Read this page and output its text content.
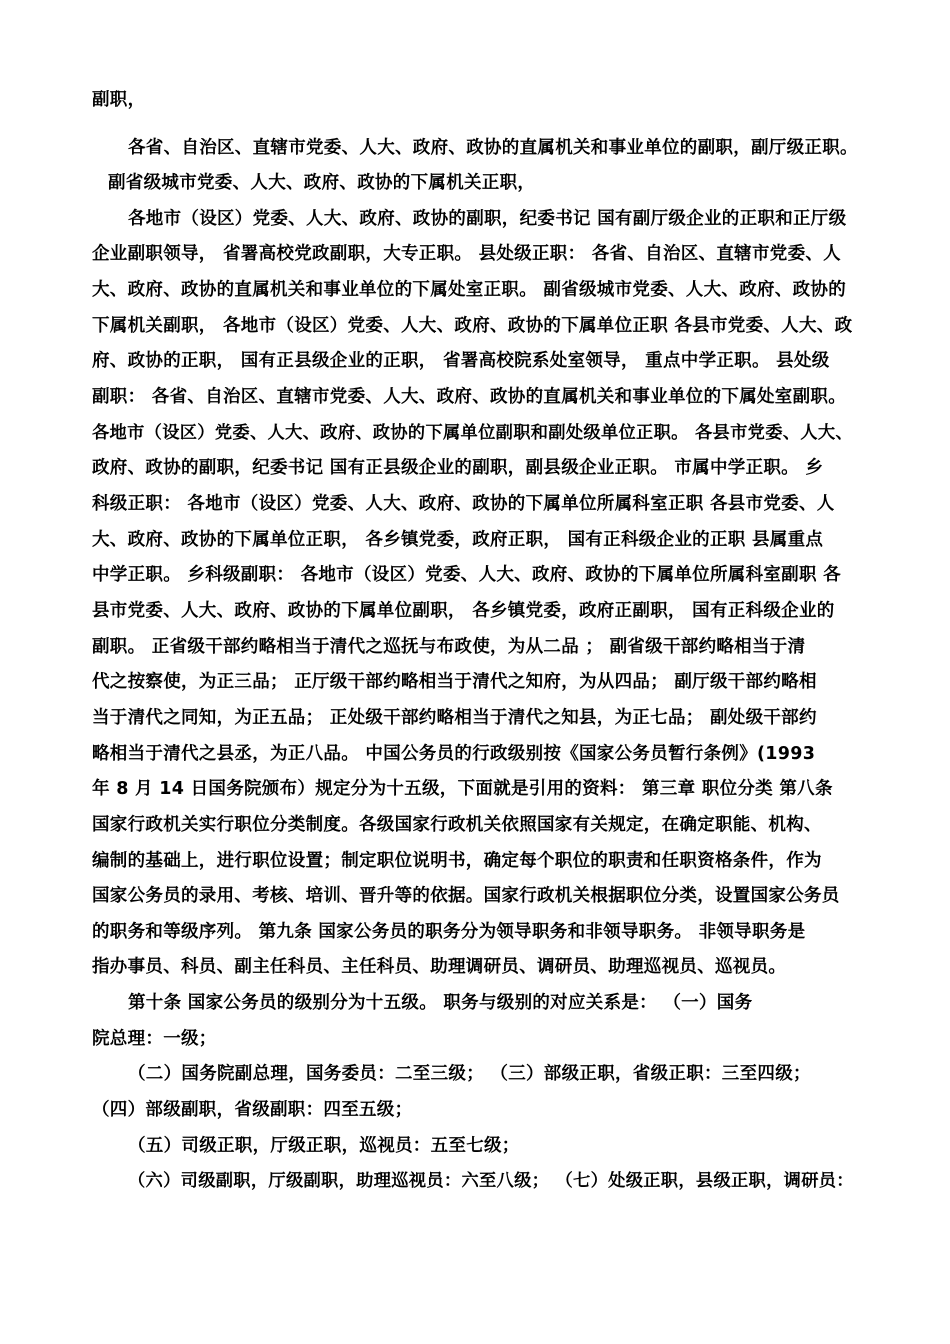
副职，
各省、自治区、直辖市党委、人大、政府、政协的直属机关和事业单位的副职，副厅级正职。
副省级城市党委、人大、政府、政协的下属机关正职，
各地市（设区）党委、人大、政府、政协的副职，纪委书记 国有副厅级企业的正职和正厅级
企业副职领导， 省署高校党政副职，大专正职。 县处级正职： 各省、自治区、直辖市党委、人
大、政府、政协的直属机关和事业单位的下属处室正职。 副省级城市党委、人大、政府、政协的
下属机关副职， 各地市（设区）党委、人大、政府、政协的下属单位正职 各县市党委、人大、政
府、政协的正职， 国有正县级企业的正职， 省署高校院系处室领导， 重点中学正职。 县处级
副职： 各省、自治区、直辖市党委、人大、政府、政协的直属机关和事业单位的下属处室副职。
各地市（设区）党委、人大、政府、政协的下属单位副职和副处级单位正职。 各县市党委、人大、
政府、政协的副职，纪委书记 国有正县级企业的副职，副县级企业正职。 市属中学正职。 乡
科级正职： 各地市（设区）党委、人大、政府、政协的下属单位所属科室正职 各县市党委、人
大、政府、政协的下属单位正职， 各乡镇党委，政府正职， 国有正科级企业的正职 县属重点
中学正职。 乡科级副职： 各地市（设区）党委、人大、政府、政协的下属单位所属科室副职 各
县市党委、人大、政府、政协的下属单位副职， 各乡镇党委，政府正副职， 国有正科级企业的
副职。 正省级干部约略相当于清代之巡抚与布政使，为从二品 ； 副省级干部约略相当于清
代之按察使，为正三品； 正厅级干部约略相当于清代之知府，为从四品； 副厅级干部约略相
当于清代之同知，为正五品； 正处级干部约略相当于清代之知县，为正七品； 副处级干部约
略相当于清代之县丞，为正八品。 中国公务员的行政级别按《国家公务员暂行条例》(1993
年 8 月 14 日国务院颁布）规定分为十五级，下面就是引用的资料： 第三章 职位分类 第八条
国家行政机关实行职位分类制度。各级国家行政机关依照国家有关规定，在确定职能、机构、
编制的基础上，进行职位设置；制定职位说明书，确定每个职位的职责和任职资格条件，作为
国家公务员的录用、考核、培训、晋升等的依据。国家行政机关根据职位分类，设置国家公务员
的职务和等级序列。 第九条 国家公务员的职务分为领导职务和非领导职务。 非领导职务是
指办事员、科员、副主任科员、主任科员、助理调研员、调研员、助理巡视员、巡视员。
第十条 国家公务员的级别分为十五级。 职务与级别的对应关系是： （一）国务
院总理：一级；
（二）国务院副总理，国务委员：二至三级； （三）部级正职，省级正职：三至四级；
（四）部级副职，省级副职：四至五级；
（五）司级正职，厅级正职，巡视员：五至七级；
（六）司级副职，厅级副职，助理巡视员：六至八级； （七）处级正职，县级正职，调研员：
